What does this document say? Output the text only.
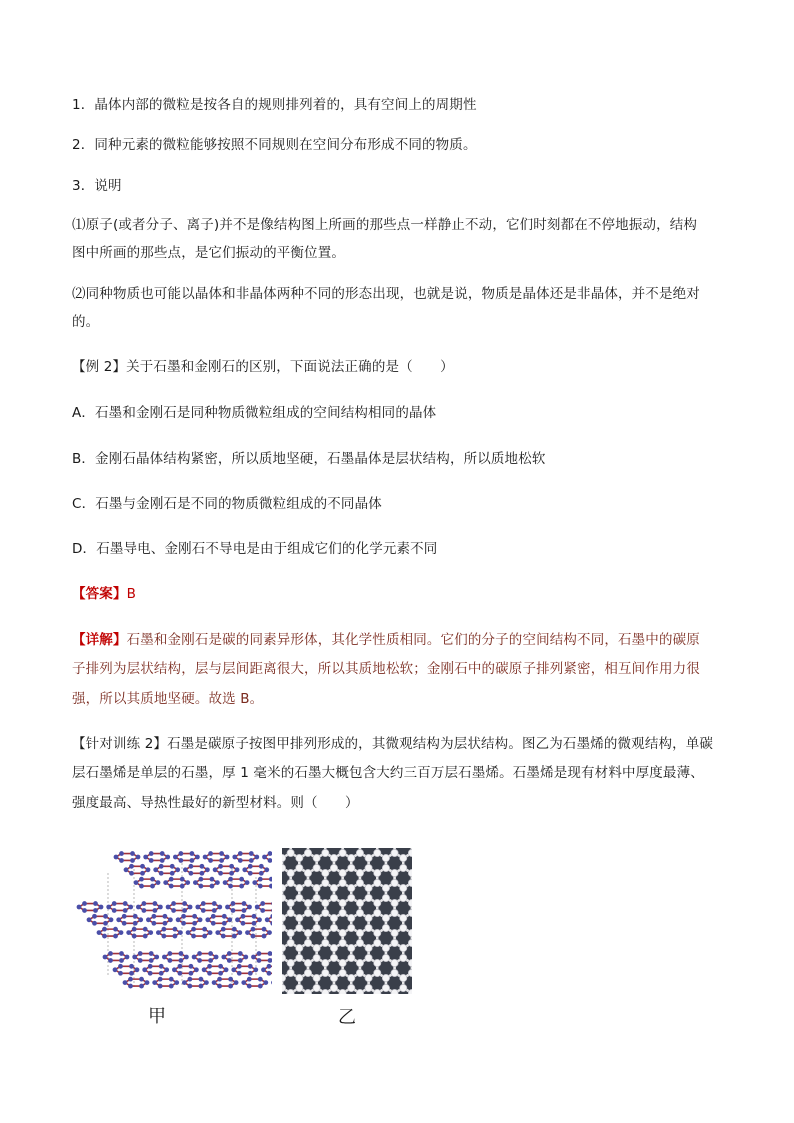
1．晶体内部的微粒是按各自的规则排列着的，具有空间上的周期性
2．同种元素的微粒能够按照不同规则在空间分布形成不同的物质。
3．说明
⑴原子(或者分子、离子)并不是像结构图上所画的那些点一样静止不动，它们时刻都在不停地振动，结构
图中所画的那些点，是它们振动的平衡位置。
⑵同种物质也可能以晶体和非晶体两种不同的形态出现，也就是说，物质是晶体还是非晶体，并不是绝对
的。
【例 2】关于石墨和金刚石的区别，下面说法正确的是（　　）
A．石墨和金刚石是同种物质微粒组成的空间结构相同的晶体
B．金刚石晶体结构紧密，所以质地坚硬，石墨晶体是层状结构，所以质地松软
C．石墨与金刚石是不同的物质微粒组成的不同晶体
D．石墨导电、金刚石不导电是由于组成它们的化学元素不同
【答案】B
【详解】石墨和金刚石是碳的同素异形体，其化学性质相同。它们的分子的空间结构不同，石墨中的碳原
子排列为层状结构，层与层间距离很大，所以其质地松软；金刚石中的碳原子排列紧密，相互间作用力很
强，所以其质地坚硬。故选 B。
【针对训练 2】石墨是碳原子按图甲排列形成的，其微观结构为层状结构。图乙为石墨烯的微观结构，单碳
层石墨烯是单层的石墨，厚 1 毫米的石墨大概包含大约三百万层石墨烯。石墨烯是现有材料中厚度最薄、
强度最高、导热性最好的新型材料。则（　　）
甲	乙
